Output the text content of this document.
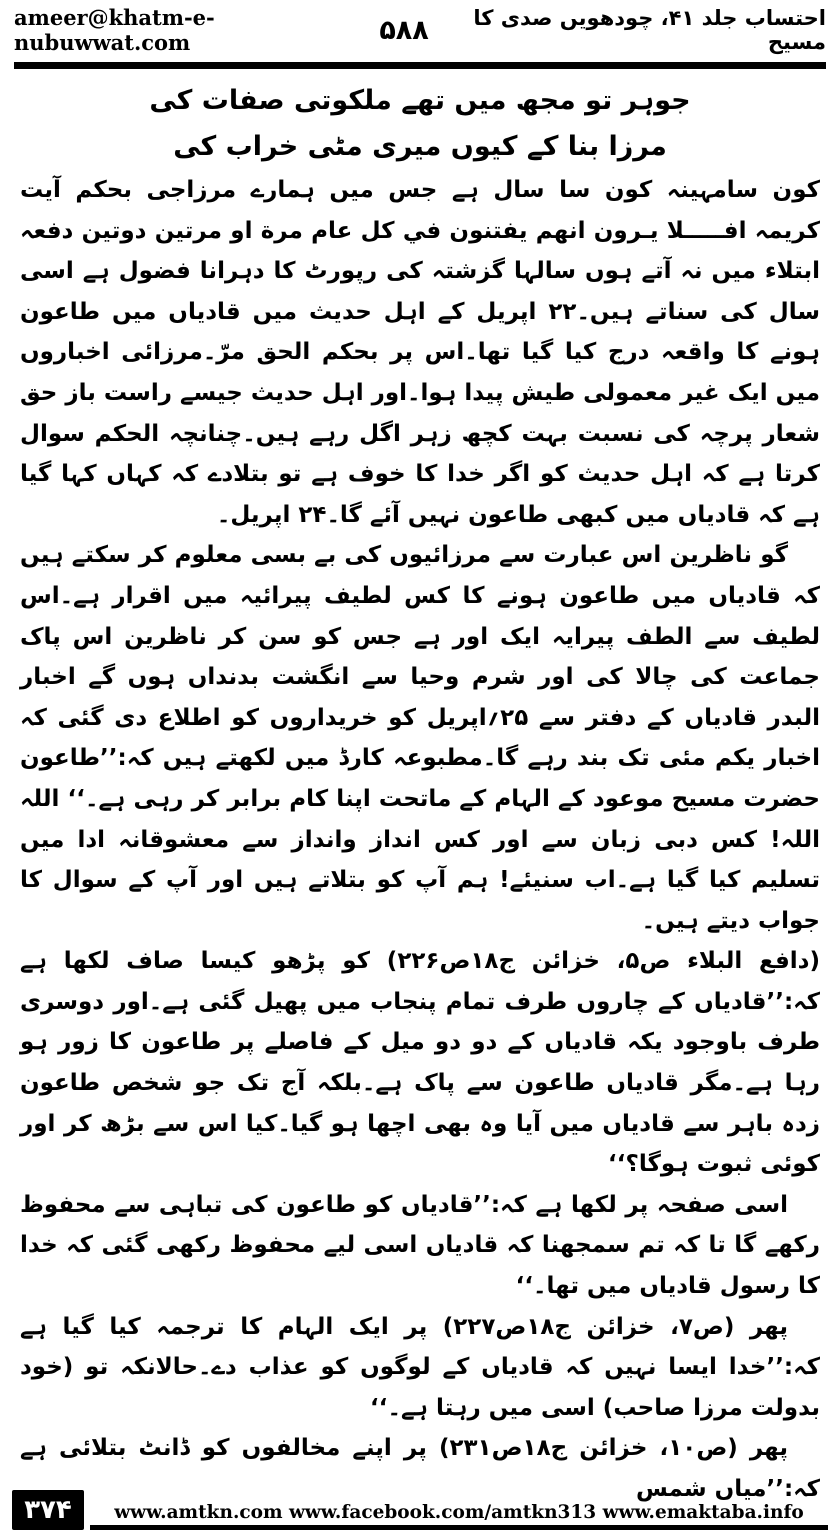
ameer@khatm-e-nubuwwat.com	۵۸۸	احتساب جلد ۴۱، چودھویں صدی کا مسیح
جوہر تو مجھ میں تھے ملکوتی صفات کی
مرزا بنا کے کیوں میری مٹی خراب کی

کون سامہینہ کون سا سال ہے جس میں ہمارے مرزاجی بحکم آیت کریمہ افـــــلا یـرون انهم يفتنون في كل عام مرة او مرتين دوتین دفعہ ابتلاء میں نہ آتے ہوں سالہا گزشتہ کی رپورٹ کا دہرانا فضول ہے اسی سال کی سناتے ہیں۔۲۲ اپریل کے اہل حدیث میں قادیاں میں طاعون ہونے کا واقعہ درج کیا گیا تھا۔اس پر بحکم الحق مرّ۔مرزائی اخباروں میں ایک غیر معمولی طیش پیدا ہوا۔اور اہل حدیث جیسے راست باز حق شعار پرچہ کی نسبت بہت کچھ زہر اگل رہے ہیں۔چنانچہ الحکم سوال کرتا ہے کہ اہل حدیث کو اگر خدا کا خوف ہے تو بتلادے کہ کہاں کہا گیا ہے کہ قادیاں میں کبھی طاعون نہیں آئے گا۔۲۴ اپریل۔

گو ناظرین اس عبارت سے مرزائیوں کی بے بسی معلوم کر سکتے ہیں کہ قادیاں میں طاعون ہونے کا کس لطیف پیرائیہ میں اقرار ہے۔اس لطیف سے الطف پیرایہ ایک اور ہے جس کو سن کر ناظرین اس پاک جماعت کی چالا کی اور شرم وحیا سے انگشت بدنداں ہوں گے اخبار البدر قادیاں کے دفتر سے ۲۵؍اپریل کو خریداروں کو اطلاع دی گئی کہ اخبار یکم مئی تک بند رہے گا۔مطبوعہ کارڈ میں لکھتے ہیں کہ:’’طاعون حضرت مسیح موعود کے الہام کے ماتحت اپنا کام برابر کر رہی ہے۔‘‘ اللہ اللہ! کس دبی زبان سے اور کس انداز وانداز سے معشوقانہ ادا میں تسلیم کیا گیا ہے۔اب سنیئے! ہم آپ کو بتلاتے ہیں اور آپ کے سوال کا جواب دیتے ہیں۔

(دافع البلاء ص۵، خزائن ج۱۸ص۲۲۶) کو پڑھو کیسا صاف لکھا ہے کہ:’’قادیاں کے چاروں طرف تمام پنجاب میں پھیل گئی ہے۔اور دوسری طرف باوجود یکہ قادیاں کے دو دو میل کے فاصلے پر طاعون کا زور ہو رہا ہے۔مگر قادیاں طاعون سے پاک ہے۔بلکہ آج تک جو شخص طاعون زدہ باہر سے قادیاں میں آیا وہ بھی اچھا ہو گیا۔کیا اس سے بڑھ کر اور کوئی ثبوت ہوگا؟‘‘

اسی صفحہ پر لکھا ہے کہ:’’قادیاں کو طاعون کی تباہی سے محفوظ رکھے گا تا کہ تم سمجھنا کہ قادیاں اسی لیے محفوظ رکھی گئی کہ خدا کا رسول قادیاں میں تھا۔‘‘

پھر (ص۷، خزائن ج۱۸ص۲۲۷) پر ایک الہام کا ترجمہ کیا گیا ہے کہ:’’خدا ایسا نہیں کہ قادیاں کے لوگوں کو عذاب دے۔حالانکہ تو (خود بدولت مرزا صاحب) اسی میں رہتا ہے۔‘‘

پھر (ص۱۰، خزائن ج۱۸ص۲۳۱) پر اپنے مخالفوں کو ڈانٹ بتلائی ہے کہ:’’میاں شمس

۳۷۴	www.amtkn.com www.facebook.com/amtkn313 www.emaktaba.info
